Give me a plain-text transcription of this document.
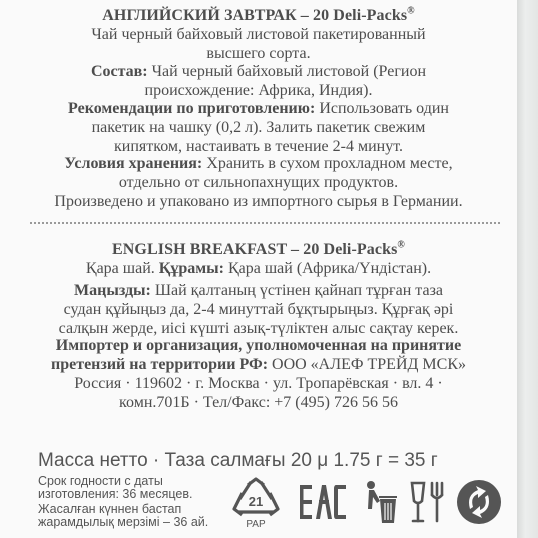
АНГЛИЙСКИЙ ЗАВТРАК – 20 Deli-Packs®
Чай черный байховый листовой пакетированный
высшего сорта.
Состав: Чай черный байховый листовой (Регион
происхождение: Африка, Индия).
Рекомендации по приготовлению: Использовать один
пакетик на чашку (0,2 л). Залить пакетик свежим
кипятком, настаивать в течение 2-4 минут.
Условия хранения: Хранить в сухом прохладном месте,
отдельно от сильнопахнущих продуктов.
Произведено и упаковано из импортного сырья в Германии.
ENGLISH BREAKFAST – 20 Deli-Packs®
Қара шай. Құрамы: Қара шай (Африка/Үндістан).
Маңызды: Шай қалтаның үстінен қайнап тұрған таза
судан құйыңыз да, 2-4 минуттай бұқтырыңыз. Құрғақ әрі
салқын жерде, иісі күшті азық-түліктен алыс сақтау керек.
Импортер и организация, уполномоченная на принятие
претензий на территории РФ: ООО «АЛЕФ ТРЕЙД МСК»
Россия · 119602 · г. Москва · ул. Тропарёвская · вл. 4 ·
комн.701Б · Тел/Факс: +7 (495) 726 56 56
Масса нетто · Таза салмағы 20 μ 1.75 г = 35 г
Срок годности с даты
изготовления: 36 месяцев.
Жасалған күннен бастап
жарамдылық мерзімі – 36 ай.
21
PAP
